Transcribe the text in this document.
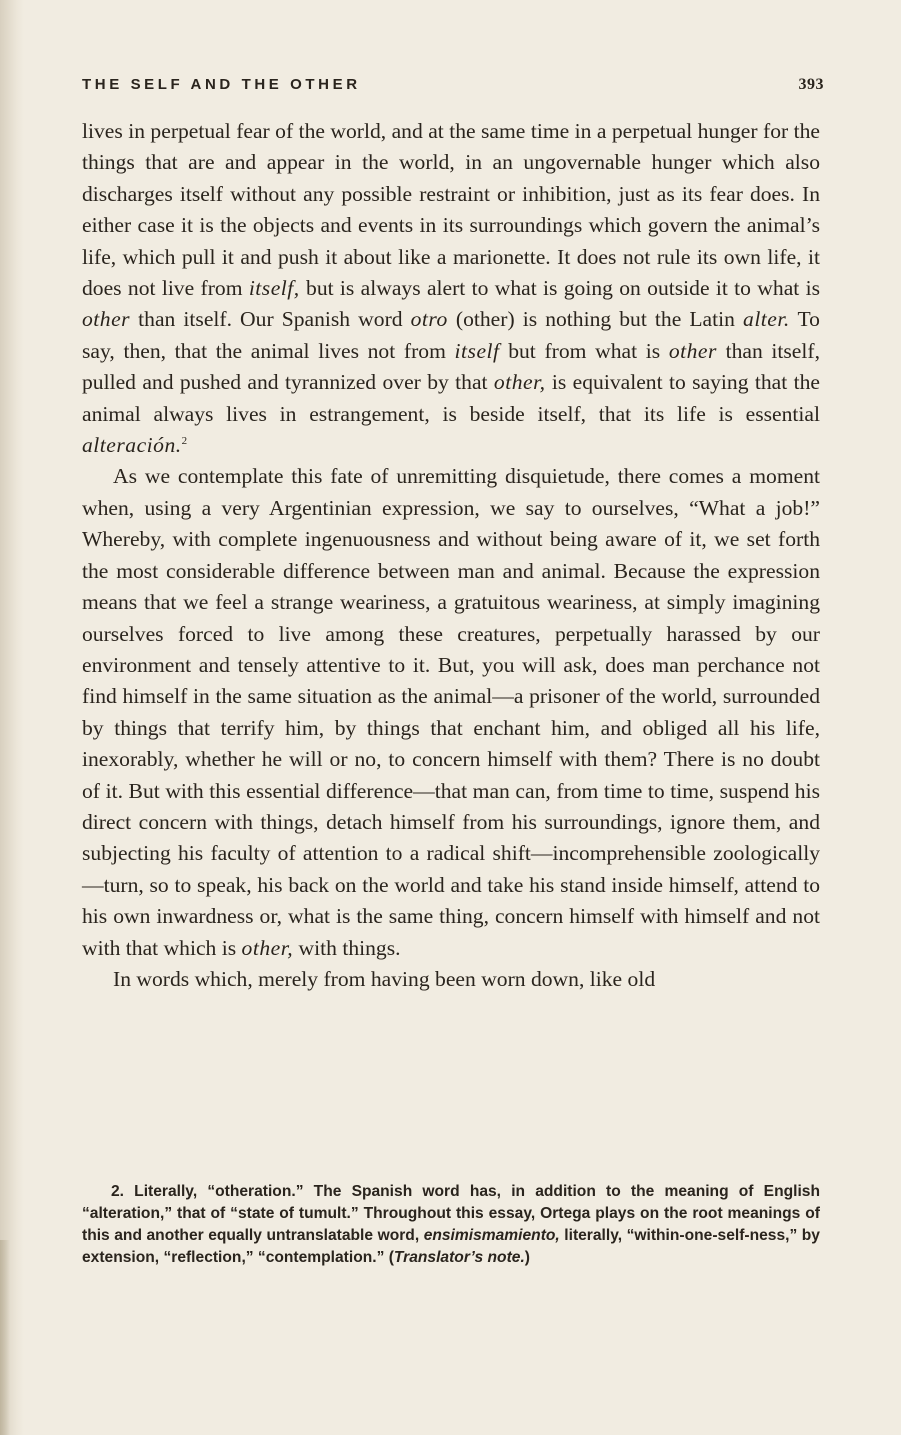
THE SELF AND THE OTHER	393

lives in perpetual fear of the world, and at the same time in a perpetual hunger for the things that are and appear in the world, in an ungovernable hunger which also discharges itself without any possible restraint or inhibition, just as its fear does. In either case it is the objects and events in its surroundings which govern the animal’s life, which pull it and push it about like a marionette. It does not rule its own life, it does not live from itself, but is always alert to what is going on outside it to what is other than itself. Our Spanish word otro (other) is nothing but the Latin alter. To say, then, that the animal lives not from itself but from what is other than itself, pulled and pushed and tyrannized over by that other, is equivalent to saying that the animal always lives in estrangement, is beside itself, that its life is essential alteración.$^2$

As we contemplate this fate of unremitting disquietude, there comes a moment when, using a very Argentinian expression, we say to ourselves, “What a job!” Whereby, with complete ingenuousness and without being aware of it, we set forth the most considerable difference between man and animal. Because the expression means that we feel a strange weariness, a gratuitous weariness, at simply imagining ourselves forced to live among these creatures, perpetually harassed by our environment and tensely attentive to it. But, you will ask, does man perchance not find himself in the same situation as the animal—a prisoner of the world, surrounded by things that terrify him, by things that enchant him, and obliged all his life, inexorably, whether he will or no, to concern himself with them? There is no doubt of it. But with this essential difference—that man can, from time to time, suspend his direct concern with things, detach himself from his surroundings, ignore them, and subjecting his faculty of attention to a radical shift—incomprehensible zoologically—turn, so to speak, his back on the world and take his stand inside himself, attend to his own inwardness or, what is the same thing, concern himself with himself and not with that which is other, with things.

In words which, merely from having been worn down, like old

2. Literally, “otheration.” The Spanish word has, in addition to the meaning of English “alteration,” that of “state of tumult.” Throughout this essay, Ortega plays on the root meanings of this and another equally untranslatable word, ensimismamiento, literally, “within-one-self-ness,” by extension, “reflection,” “contemplation.” (Translator’s note.)
